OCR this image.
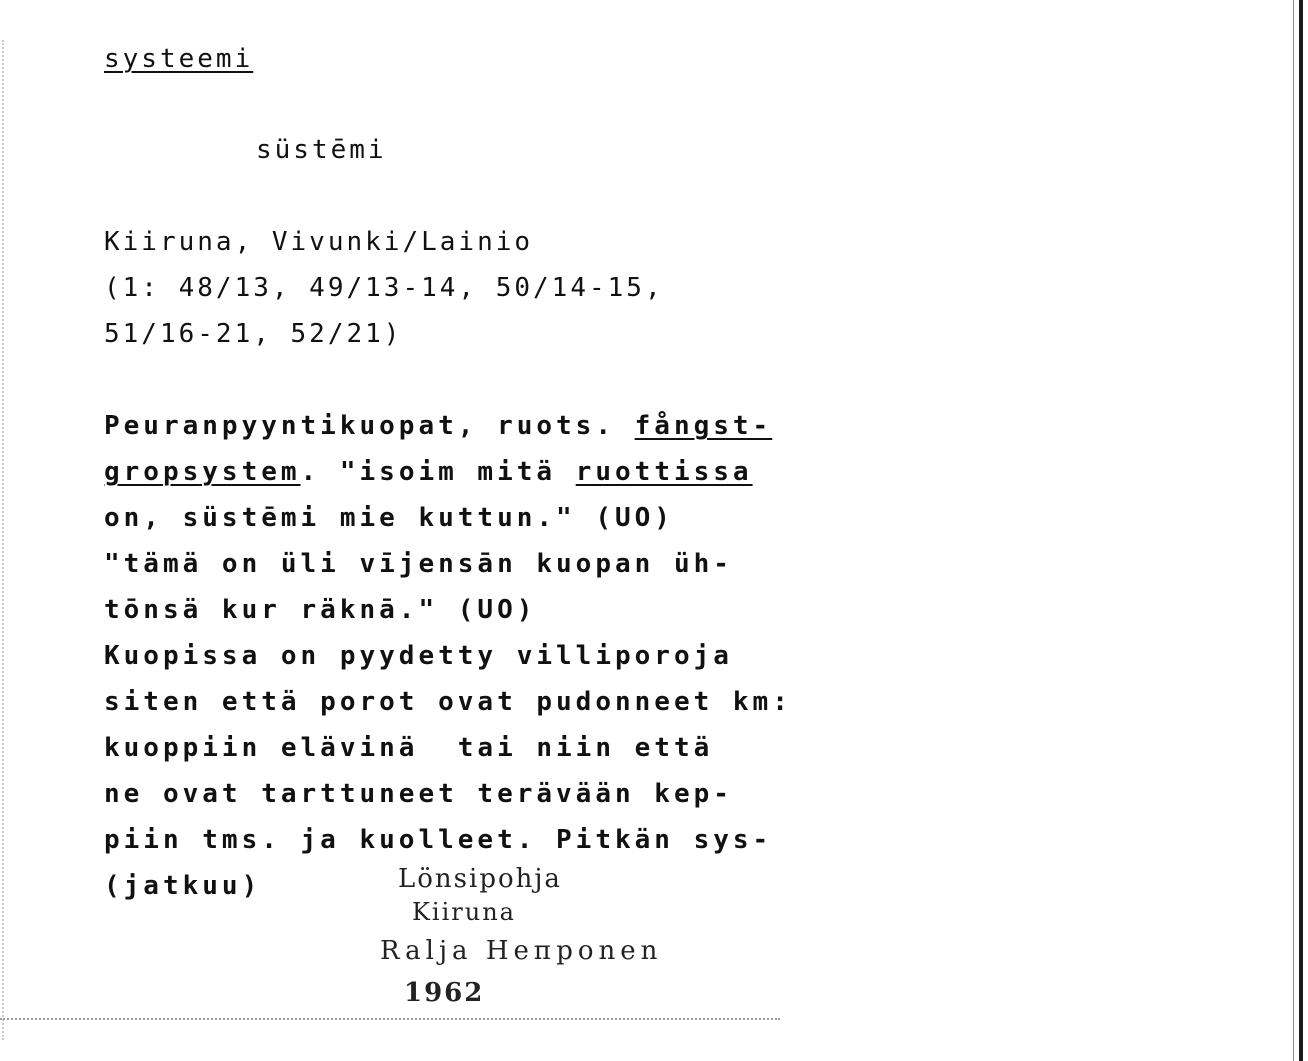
systeemi
süstēmi
Kiiruna, Vivunki/Lainio
(1: 48/13, 49/13-14, 50/14-15,
51/16-21, 52/21)
Peuranpyyntikuopat, ruots. fångst-
gropsystem. "isoim mitä ruottissa
on, süstēmi mie kuttun." (UO)
"tämä on üli vījensān kuopan üh-
tōnsä kur räknā." (UO)
Kuopissa on pyydetty villiporoja
siten että porot ovat pudonneet km:
kuoppiin elävinä  tai niin että
ne ovat tarttuneet terävään kep-
piin tms. ja kuolleet. Pitkän sys-
(jatkuu)	Lönsipohja
Kiiruna
Ralja Heпponen
1962
